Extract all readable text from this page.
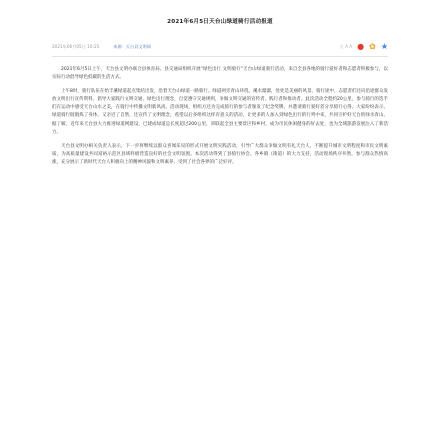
2021年6月5日天台山绿道骑行活动报道
2021年06月05日 10:25	来源：天台县文明网	大 A A ● ✿ ★

2021年6月5日上午，天台县文明办联合县体育局、县交通局组织开展“绿色出行 文明骑行”天台山绿道骑行活动，来自全县各地的骑行爱好者和志愿者积极参与，以实际行动倡导绿色低碳的生活方式。

上午8时，骑行队伍在始丰溪绿道起点集结出发，沿着天台山绿道一路骑行。绿道两旁青山环绕、溪水潺潺，处处是美丽的风景。骑行途中，志愿者们还向沿途群众发放文明出行宣传资料，倡导大家践行文明交通、绿色出行理念，自觉遵守交通规则，争做文明交通的宣传者、践行者和推动者。此次活动全程约20公里，参与骑行的选手们在运动中感受天台山水之美，在骑行中传播文明新风尚。活动现场，组织方还为完成骑行的参与者颁发了纪念奖牌，并邀请骑行爱好者分享骑行心得。大家纷纷表示，绿道骑行既锻炼了身体，又亲近了自然，还宣传了文明理念，希望以后多组织这样有意义的活动，让更多的人加入到绿色出行的行列中来，共同守护好天台的绿水青山。据了解，近年来天台县大力推进绿道网建设，已建成绿道总长度超过200公里，串联起全县主要景区和乡村，成为市民休闲健身的好去处，也为全域旅游发展注入了新活力。

天台县文明办相关负责人表示，下一步将继续以群众喜闻乐见的形式开展文明实践活动，引导广大群众争做文明有礼天台人，不断提升城市文明程度和市民文明素质，为高质量建设共同富裕示范区县域样板营造良好的社会文明氛围。本次活动得到了县骑行协会、各乡镇（街道）的大力支持，活动现场秩序井然，参与群众热情高涨，充分展示了新时代天台人积极向上的精神风貌和文明素养，受到了社会各界的广泛好评。
